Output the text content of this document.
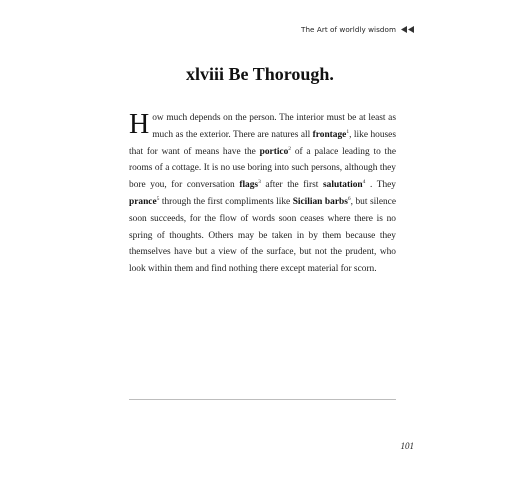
The Art of worldly wisdom
xlviii Be Thorough.
H ow much depends on the person. The interior must be at least as much as the exterior. There are natures all frontage$^1$, like houses that for want of means have the portico$^2$ of a palace leading to the rooms of a cottage. It is no use boring into such persons, although they bore you, for conversation flags$^3$ after the first salutation$^4$ . They prance$^5$ through the first compliments like Sicilian barbs$^6$, but silence soon succeeds, for the flow of words soon ceases where there is no spring of thoughts. Others may be taken in by them because they themselves have but a view of the surface, but not the prudent, who look within them and find nothing there except material for scorn.
101
